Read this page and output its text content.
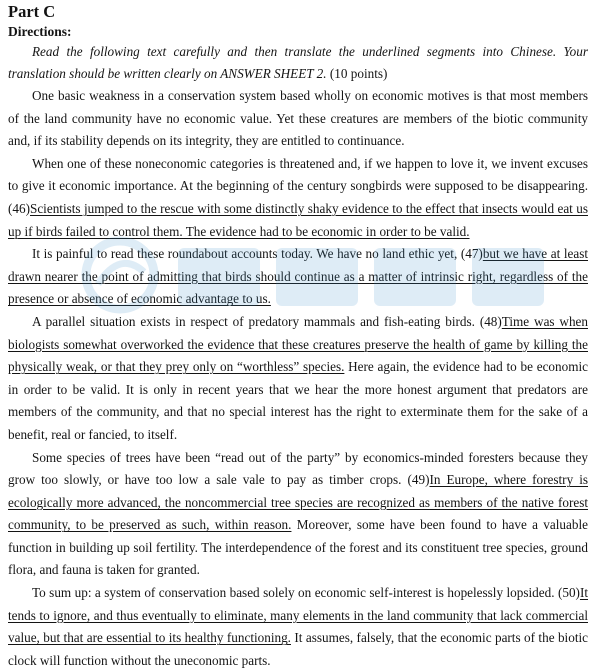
Part C

Directions:

Read the following text carefully and then translate the underlined segments into Chinese. Your translation should be written clearly on ANSWER SHEET 2. (10 points)

One basic weakness in a conservation system based wholly on economic motives is that most members of the land community have no economic value. Yet these creatures are members of the biotic community and, if its stability depends on its integrity, they are entitled to continuance.

When one of these noneconomic categories is threatened and, if we happen to love it, we invent excuses to give it economic importance. At the beginning of the century songbirds were supposed to be disappearing. (46)Scientists jumped to the rescue with some distinctly shaky evidence to the effect that insects would eat us up if birds failed to control them. The evidence had to be economic in order to be valid.

It is painful to read these roundabout accounts today. We have no land ethic yet, (47)but we have at least drawn nearer the point of admitting that birds should continue as a matter of intrinsic right, regardless of the presence or absence of economic advantage to us.

A parallel situation exists in respect of predatory mammals and fish-eating birds. (48)Time was when biologists somewhat overworked the evidence that these creatures preserve the health of game by killing the physically weak, or that they prey only on “worthless” species. Here again, the evidence had to be economic in order to be valid. It is only in recent years that we hear the more honest argument that predators are members of the community, and that no special interest has the right to exterminate them for the sake of a benefit, real or fancied, to itself.

Some species of trees have been “read out of the party” by economics-minded foresters because they grow too slowly, or have too low a sale vale to pay as timber crops. (49)In Europe, where forestry is ecologically more advanced, the noncommercial tree species are recognized as members of the native forest community, to be preserved as such, within reason. Moreover, some have been found to have a valuable function in building up soil fertility. The interdependence of the forest and its constituent tree species, ground flora, and fauna is taken for granted.

To sum up: a system of conservation based solely on economic self-interest is hopelessly lopsided. (50)It tends to ignore, and thus eventually to eliminate, many elements in the land community that lack commercial value, but that are essential to its healthy functioning. It assumes, falsely, that the economic parts of the biotic clock will function without the uneconomic parts.
